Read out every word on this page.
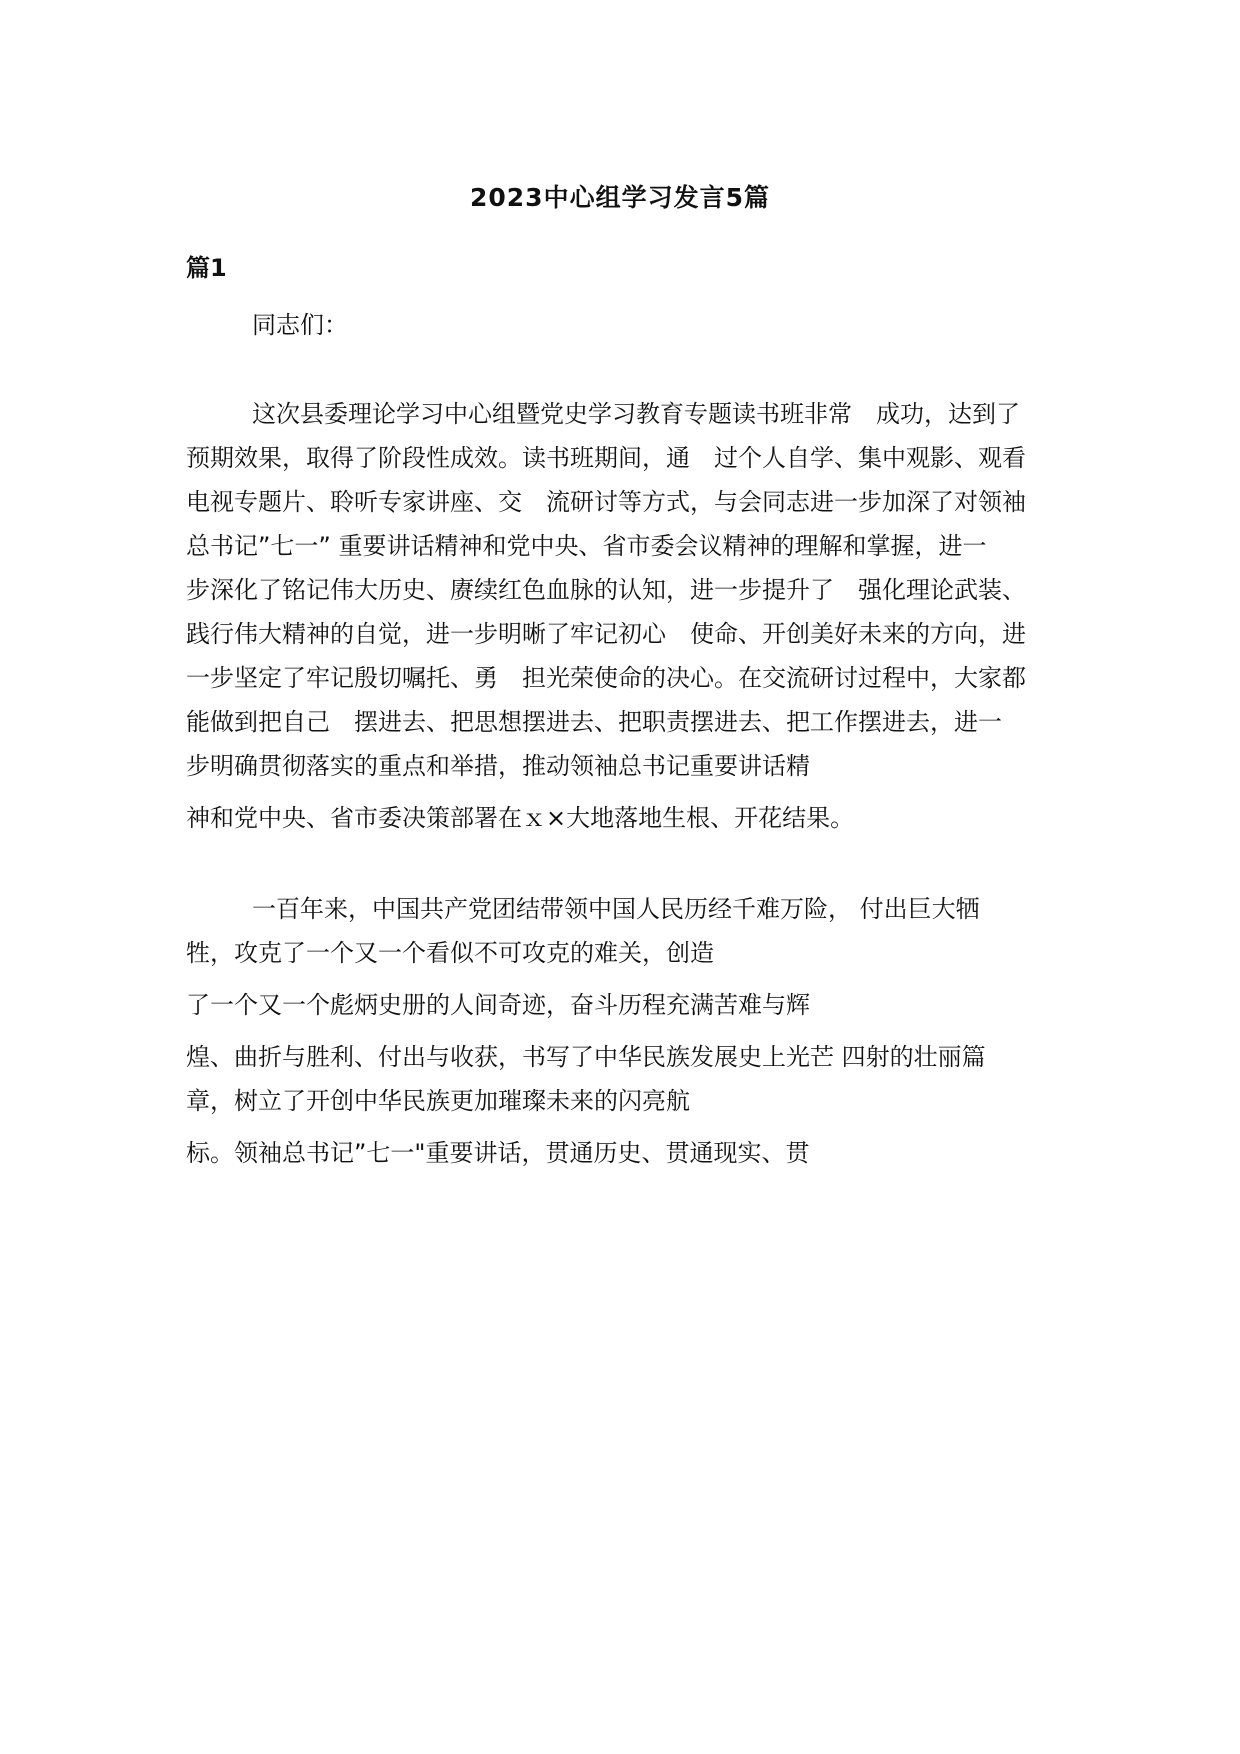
2023中心组学习发言5篇
篇1
同志们：
这次县委理论学习中心组暨党史学习教育专题读书班非常　成功，达到了
预期效果，取得了阶段性成效。读书班期间，通　过个人自学、集中观影、观看
电视专题片、聆听专家讲座、交　流研讨等方式，与会同志进一步加深了对领袖
总书记”七一” 重要讲话精神和党中央、省市委会议精神的理解和掌握，进一
步深化了铭记伟大历史、赓续红色血脉的认知，进一步提升了　强化理论武装、
践行伟大精神的自觉，进一步明晰了牢记初心　使命、开创美好未来的方向，进
一步坚定了牢记殷切嘱托、勇　担光荣使命的决心。在交流研讨过程中，大家都
能做到把自己　摆进去、把思想摆进去、把职责摆进去、把工作摆进去，进一
步明确贯彻落实的重点和举措，推动领袖总书记重要讲话精
神和党中央、省市委决策部署在ｘ×大地落地生根、开花结果。
一百年来，中国共产党团结带领中国人民历经千难万险， 付出巨大牺
牲，攻克了一个又一个看似不可攻克的难关，创造
了一个又一个彪炳史册的人间奇迹，奋斗历程充满苦难与辉
煌、曲折与胜利、付出与收获，书写了中华民族发展史上光芒 四射的壮丽篇
章，树立了开创中华民族更加璀璨未来的闪亮航
标。领袖总书记”七一"重要讲话，贯通历史、贯通现实、贯
